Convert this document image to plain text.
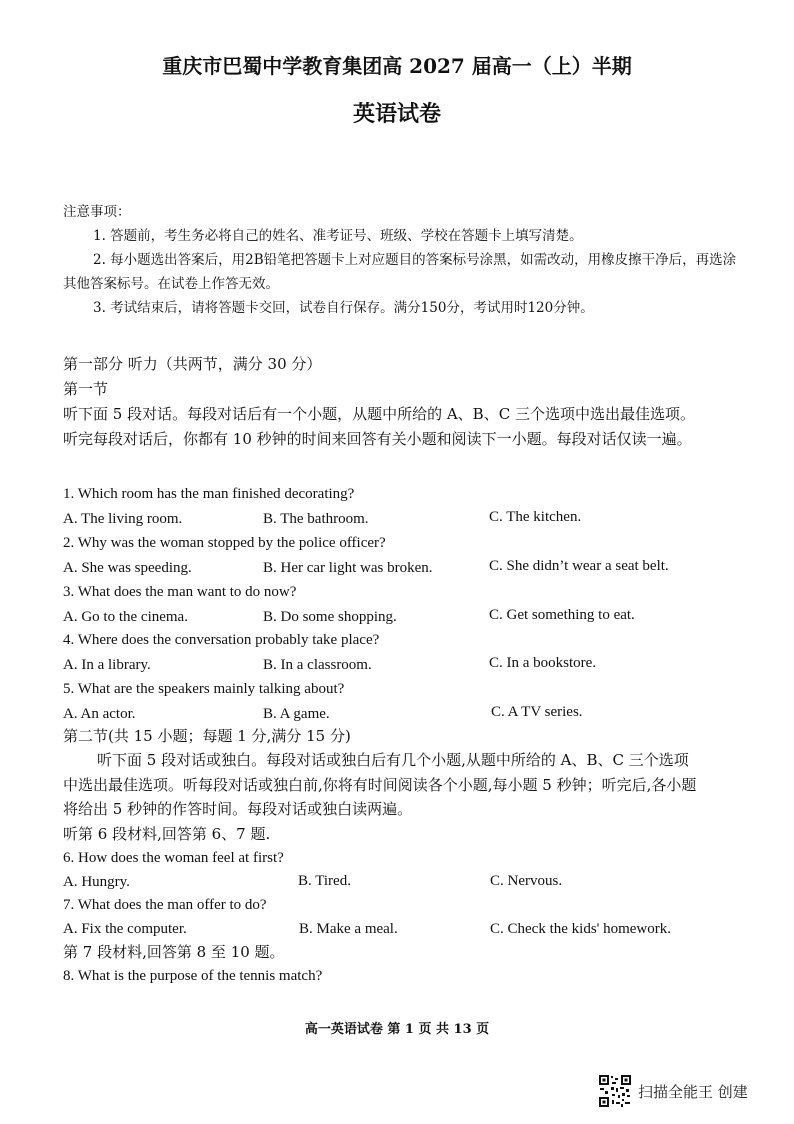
重庆市巴蜀中学教育集团高 2027 届高一（上）半期
英语试卷

注意事项：

1. 答题前，考生务必将自己的姓名、准考证号、班级、学校在答题卡上填写清楚。

2. 每小题选出答案后，用2B铅笔把答题卡上对应题目的答案标号涂黑，如需改动，用橡皮擦干净后，再选涂其他答案标号。在试卷上作答无效。

3. 考试结束后，请将答题卡交回，试卷自行保存。满分150分，考试用时120分钟。

第一部分 听力（共两节，满分 30 分）
第一节
听下面 5 段对话。每段对话后有一个小题，从题中所给的 A、B、C 三个选项中选出最佳选项。听完每段对话后，你都有 10 秒钟的时间来回答有关小题和阅读下一小题。每段对话仅读一遍。
1. Which room has the man finished decorating?
A. The living room.	B. The bathroom.	C. The kitchen.
2. Why was the woman stopped by the police officer?
A. She was speeding.	B. Her car light was broken.	C. She didn’t wear a seat belt.
3. What does the man want to do now?
A. Go to the cinema.	B. Do some shopping.	C. Get something to eat.
4. Where does the conversation probably take place?
A. In a library.	B. In a classroom.	C. In a bookstore.
5. What are the speakers mainly talking about?
A. An actor.	B. A game.	C. A TV series.
第二节(共 15 小题；每题 1 分,满分 15 分)
听下面 5 段对话或独白。每段对话或独白后有几个小题,从题中所给的 A、B、C 三个选项中选出最佳选项。听每段对话或独白前,你将有时间阅读各个小题,每小题 5 秒钟；听完后,各小题将给出 5 秒钟的作答时间。每段对话或独白读两遍。
听第 6 段材料,回答第 6、7 题.
6. How does the woman feel at first?
A. Hungry.	B. Tired.	C. Nervous.
7. What does the man offer to do?
A. Fix the computer.	B. Make a meal.	C. Check the kids' homework.
第 7 段材料,回答第 8 至 10 题。
8. What is the purpose of the tennis match?
高一英语试卷 第 1 页 共 13 页
扫描全能王 创建
